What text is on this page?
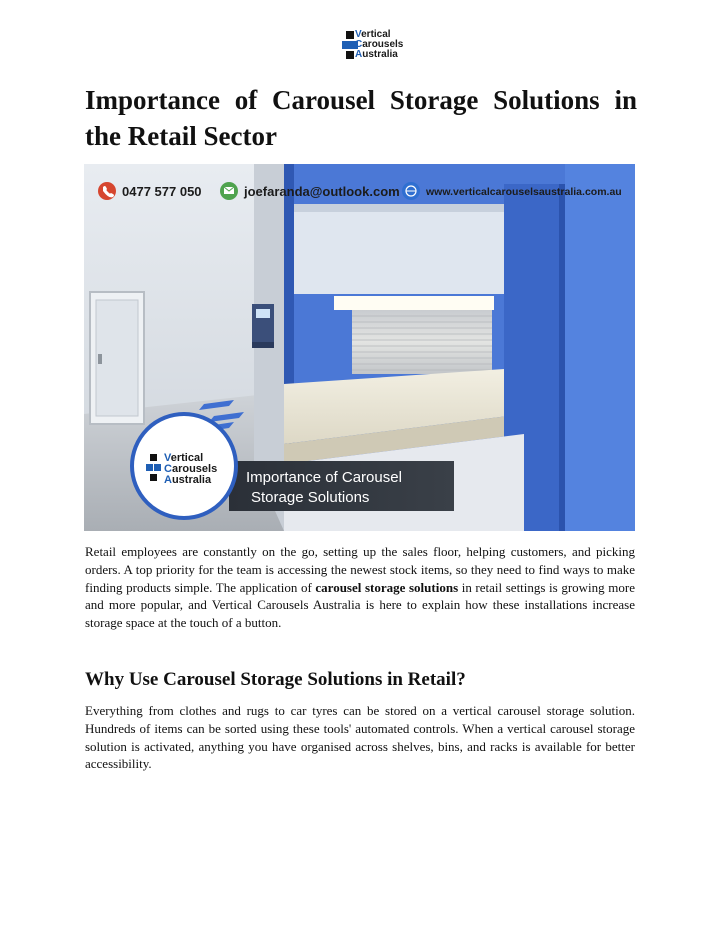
Vertical
Carousels
Australia
Importance of Carousel Storage Solutions in the Retail Sector
0477 577 050	joefaranda@outlook.com	www.verticalcarouselsaustralia.com.au
Importance of Carousel
Storage Solutions
Vertical
Carousels
Australia

Retail employees are constantly on the go, setting up the sales floor, helping customers, and picking orders. A top priority for the team is accessing the newest stock items, so they need to find ways to make finding products simple. The application of carousel storage solutions in retail settings is growing more and more popular, and Vertical Carousels Australia is here to explain how these installations increase storage space at the touch of a button.

Why Use Carousel Storage Solutions in Retail?

Everything from clothes and rugs to car tyres can be stored on a vertical carousel storage solution. Hundreds of items can be sorted using these tools' automated controls. When a vertical carousel storage solution is activated, anything you have organised across shelves, bins, and racks is available for better accessibility.
